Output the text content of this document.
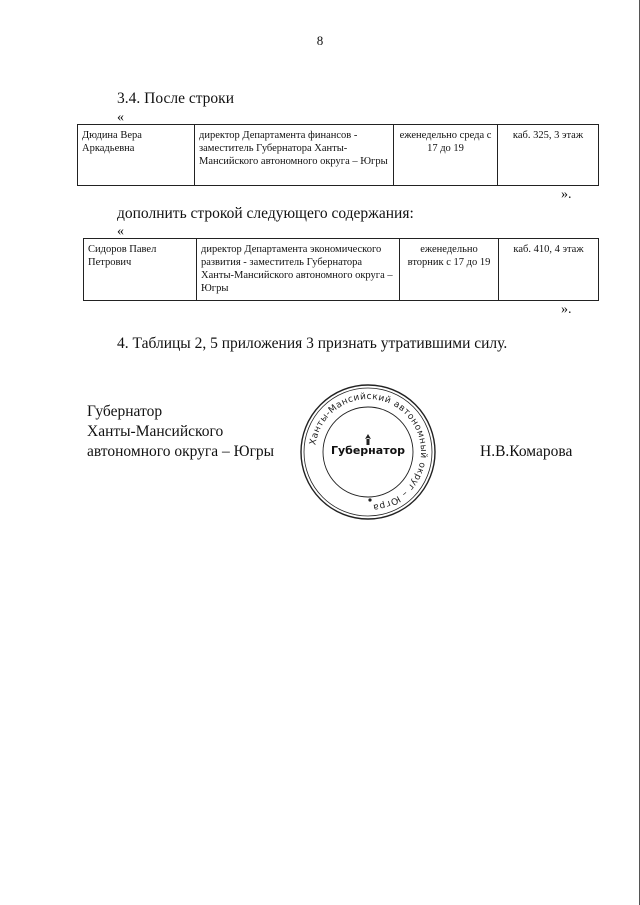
8
3.4. После строки
«
Дюдина Вера Аркадьевна	директор Департамента финансов - заместитель Губернатора Ханты-Мансийского автономного округа – Югры	еженедельно среда с 17 до 19	каб. 325, 3 этаж
».
дополнить строкой следующего содержания:
«
Сидоров Павел Петрович	директор Департамента экономического развития - заместитель Губернатора Ханты-Мансийского автономного округа – Югры	еженедельно вторник с 17 до 19	каб. 410, 4 этаж
».
4. Таблицы 2, 5 приложения 3 признать утратившими силу.
Губернатор
Ханты-Мансийского
автономного округа – Югры
Ханты-Мансийский автономный округ – Югра
Губернатор	Н.В.Комарова
